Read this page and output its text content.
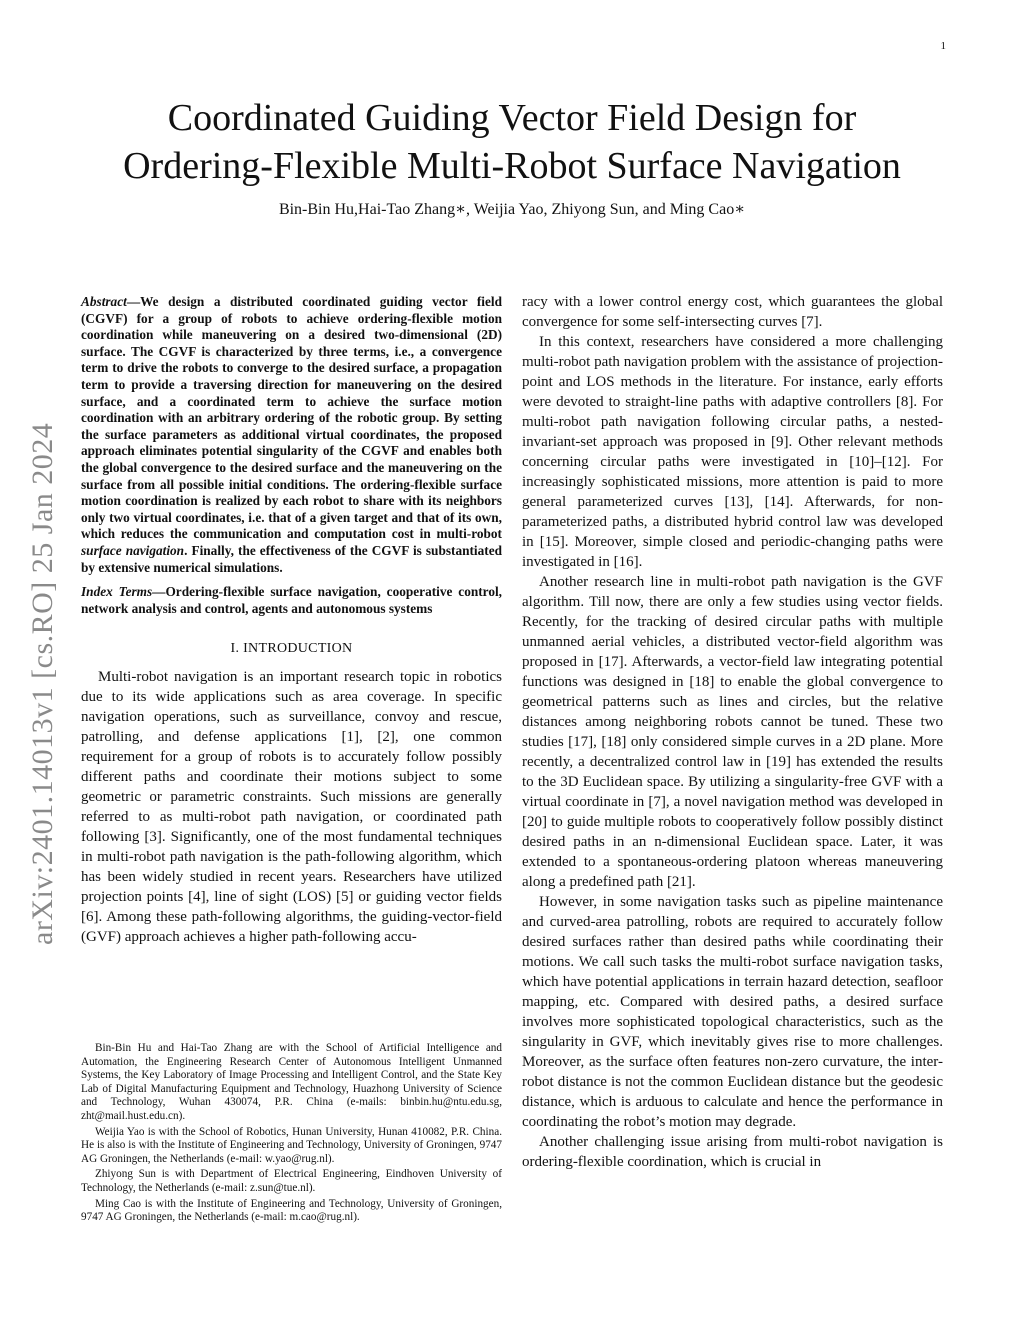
1
arXiv:2401.14013v1 [cs.RO] 25 Jan 2024
Coordinated Guiding Vector Field Design for
Ordering-Flexible Multi-Robot Surface Navigation
Bin-Bin Hu,Hai-Tao Zhang∗, Weijia Yao, Zhiyong Sun, and Ming Cao∗

Abstract—We design a distributed coordinated guiding vector field (CGVF) for a group of robots to achieve ordering-flexible motion coordination while maneuvering on a desired two-dimensional (2D) surface. The CGVF is characterized by three terms, i.e., a convergence term to drive the robots to converge to the desired surface, a propagation term to provide a traversing direction for maneuvering on the desired surface, and a coordinated term to achieve the surface motion coordination with an arbitrary ordering of the robotic group. By setting the surface parameters as additional virtual coordinates, the proposed approach eliminates potential singularity of the CGVF and enables both the global convergence to the desired surface and the maneuvering on the surface from all possible initial conditions. The ordering-flexible surface motion coordination is realized by each robot to share with its neighbors only two virtual coordinates, i.e. that of a given target and that of its own, which reduces the communication and computation cost in multi-robot surface navigation. Finally, the effectiveness of the CGVF is substantiated by extensive numerical simulations.

Index Terms—Ordering-flexible surface navigation, cooperative control, network analysis and control, agents and autonomous systems

I. INTRODUCTION

Multi-robot navigation is an important research topic in robotics due to its wide applications such as area coverage. In specific navigation operations, such as surveillance, convoy and rescue, patrolling, and defense applications [1], [2], one common requirement for a group of robots is to accurately follow possibly different paths and coordinate their motions subject to some geometric or parametric constraints. Such missions are generally referred to as multi-robot path navigation, or coordinated path following [3]. Significantly, one of the most fundamental techniques in multi-robot path navigation is the path-following algorithm, which has been widely studied in recent years. Researchers have utilized projection points [4], line of sight (LOS) [5] or guiding vector fields [6]. Among these path-following algorithms, the guiding-vector-field (GVF) approach achieves a higher path-following accu-

Bin-Bin Hu and Hai-Tao Zhang are with the School of Artificial Intelligence and Automation, the Engineering Research Center of Autonomous Intelligent Unmanned Systems, the Key Laboratory of Image Processing and Intelligent Control, and the State Key Lab of Digital Manufacturing Equipment and Technology, Huazhong University of Science and Technology, Wuhan 430074, P.R. China (e-mails: binbin.hu@ntu.edu.sg, zht@mail.hust.edu.cn).

Weijia Yao is with the School of Robotics, Hunan University, Hunan 410082, P.R. China. He is also is with the Institute of Engineering and Technology, University of Groningen, 9747 AG Groningen, the Netherlands (e-mail: w.yao@rug.nl).

Zhiyong Sun is with Department of Electrical Engineering, Eindhoven University of Technology, the Netherlands (e-mail: z.sun@tue.nl).

Ming Cao is with the Institute of Engineering and Technology, University of Groningen, 9747 AG Groningen, the Netherlands (e-mail: m.cao@rug.nl).

racy with a lower control energy cost, which guarantees the global convergence for some self-intersecting curves [7].

In this context, researchers have considered a more challenging multi-robot path navigation problem with the assistance of projection-point and LOS methods in the literature. For instance, early efforts were devoted to straight-line paths with adaptive controllers [8]. For multi-robot path navigation following circular paths, a nested-invariant-set approach was proposed in [9]. Other relevant methods concerning circular paths were investigated in [10]–[12]. For increasingly sophisticated missions, more attention is paid to more general parameterized curves [13], [14]. Afterwards, for non-parameterized paths, a distributed hybrid control law was developed in [15]. Moreover, simple closed and periodic-changing paths were investigated in [16].

Another research line in multi-robot path navigation is the GVF algorithm. Till now, there are only a few studies using vector fields. Recently, for the tracking of desired circular paths with multiple unmanned aerial vehicles, a distributed vector-field algorithm was proposed in [17]. Afterwards, a vector-field law integrating potential functions was designed in [18] to enable the global convergence to geometrical patterns such as lines and circles, but the relative distances among neighboring robots cannot be tuned. These two studies [17], [18] only considered simple curves in a 2D plane. More recently, a decentralized control law in [19] has extended the results to the 3D Euclidean space. By utilizing a singularity-free GVF with a virtual coordinate in [7], a novel navigation method was developed in [20] to guide multiple robots to cooperatively follow possibly distinct desired paths in an n-dimensional Euclidean space. Later, it was extended to a spontaneous-ordering platoon whereas maneuvering along a predefined path [21].

However, in some navigation tasks such as pipeline maintenance and curved-area patrolling, robots are required to accurately follow desired surfaces rather than desired paths while coordinating their motions. We call such tasks the multi-robot surface navigation tasks, which have potential applications in terrain hazard detection, seafloor mapping, etc. Compared with desired paths, a desired surface involves more sophisticated topological characteristics, such as the singularity in GVF, which inevitably gives rise to more challenges. Moreover, as the surface often features non-zero curvature, the inter-robot distance is not the common Euclidean distance but the geodesic distance, which is arduous to calculate and hence the performance in coordinating the robot’s motion may degrade.

Another challenging issue arising from multi-robot navigation is ordering-flexible coordination, which is crucial in
